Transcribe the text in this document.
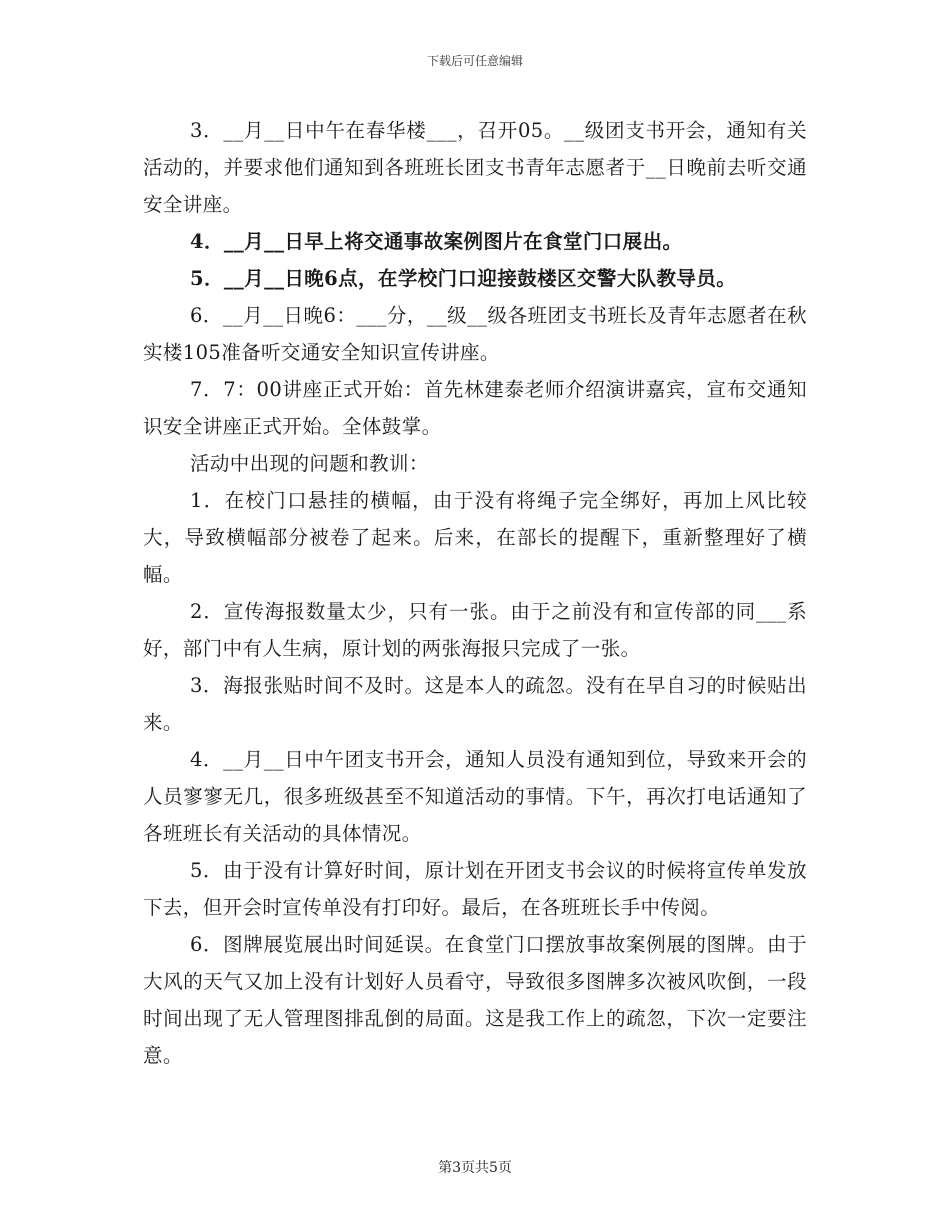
下载后可任意编辑

3．__月__日中午在春华楼___，召开05。__级团支书开会，通知有关活动的，并要求他们通知到各班班长团支书青年志愿者于__日晚前去听交通安全讲座。

4．__月__日早上将交通事故案例图片在食堂门口展出。

5．__月__日晚6点，在学校门口迎接鼓楼区交警大队教导员。

6．__月__日晚6：___分，__级__级各班团支书班长及青年志愿者在秋实楼105准备听交通安全知识宣传讲座。

7．7：00讲座正式开始：首先林建泰老师介绍演讲嘉宾，宣布交通知识安全讲座正式开始。全体鼓掌。

活动中出现的问题和教训：

1．在校门口悬挂的横幅，由于没有将绳子完全绑好，再加上风比较大，导致横幅部分被卷了起来。后来，在部长的提醒下，重新整理好了横幅。

2．宣传海报数量太少，只有一张。由于之前没有和宣传部的同___系好，部门中有人生病，原计划的两张海报只完成了一张。

3．海报张贴时间不及时。这是本人的疏忽。没有在早自习的时候贴出来。

4．__月__日中午团支书开会，通知人员没有通知到位，导致来开会的人员寥寥无几，很多班级甚至不知道活动的事情。下午，再次打电话通知了各班班长有关活动的具体情况。

5．由于没有计算好时间，原计划在开团支书会议的时候将宣传单发放下去，但开会时宣传单没有打印好。最后，在各班班长手中传阅。

6．图牌展览展出时间延误。在食堂门口摆放事故案例展的图牌。由于大风的天气又加上没有计划好人员看守，导致很多图牌多次被风吹倒，一段时间出现了无人管理图排乱倒的局面。这是我工作上的疏忽，下次一定要注意。

第3页共5页
